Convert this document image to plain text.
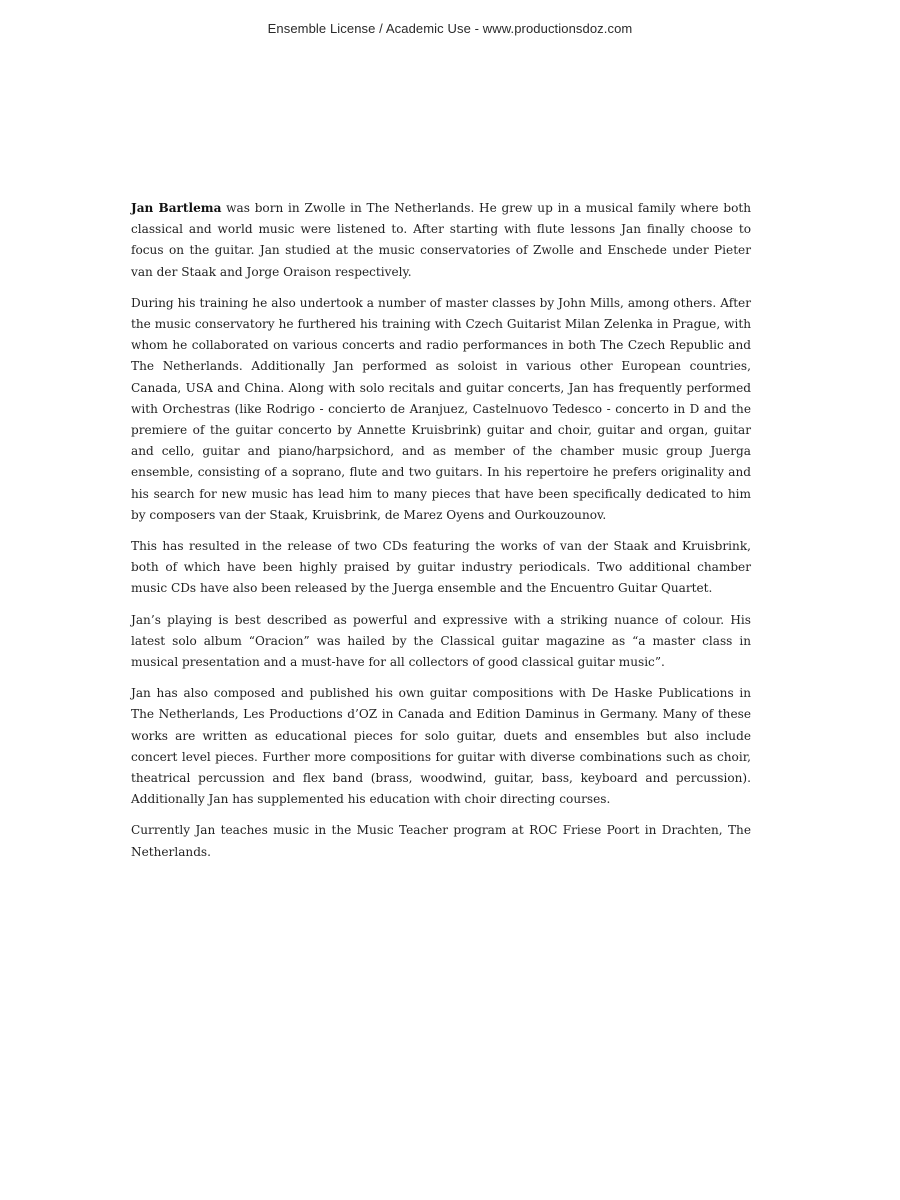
Ensemble License / Academic Use - www.productionsdoz.com

Jan Bartlema was born in Zwolle in The Netherlands. He grew up in a musical family where both classical and world music were listened to. After starting with flute lessons Jan finally choose to focus on the guitar. Jan studied at the music conservatories of Zwolle and Enschede under Pieter van der Staak and Jorge Oraison respectively.

During his training he also undertook a number of master classes by John Mills, among others. After the music conservatory he furthered his training with Czech Guitarist Milan Zelenka in Prague, with whom he collaborated on various concerts and radio performances in both The Czech Republic and The Netherlands. Additionally Jan performed as soloist in various other European countries, Canada, USA and China. Along with solo recitals and guitar concerts, Jan has frequently performed with Orchestras (like Rodrigo - concierto de Aranjuez, Castelnuovo Tedesco - concerto in D and the premiere of the guitar concerto by Annette Kruisbrink) guitar and choir, guitar and organ, guitar and cello, guitar and piano/harpsichord, and as member of the chamber music group Juerga ensemble, consisting of a soprano, flute and two guitars. In his repertoire he prefers originality and his search for new music has lead him to many pieces that have been specifically dedicated to him by composers van der Staak, Kruisbrink, de Marez Oyens and Ourkouzounov.

This has resulted in the release of two CDs featuring the works of van der Staak and Kruisbrink, both of which have been highly praised by guitar industry periodicals. Two additional chamber music CDs have also been released by the Juerga ensemble and the Encuentro Guitar Quartet.

Jan’s playing is best described as powerful and expressive with a striking nuance of colour. His latest solo album “Oracion” was hailed by the Classical guitar magazine as “a master class in musical presentation and a must-have for all collectors of good classical guitar music”.

Jan has also composed and published his own guitar compositions with De Haske Publications in The Netherlands, Les Productions d’OZ in Canada and Edition Daminus in Germany. Many of these works are written as educational pieces for solo guitar, duets and ensembles but also include concert level pieces. Further more compositions for guitar with diverse combinations such as choir, theatrical percussion and flex band (brass, woodwind, guitar, bass, keyboard and percussion). Additionally Jan has supplemented his education with choir directing courses.

Currently Jan teaches music in the Music Teacher program at ROC Friese Poort in Drachten, The Netherlands.
